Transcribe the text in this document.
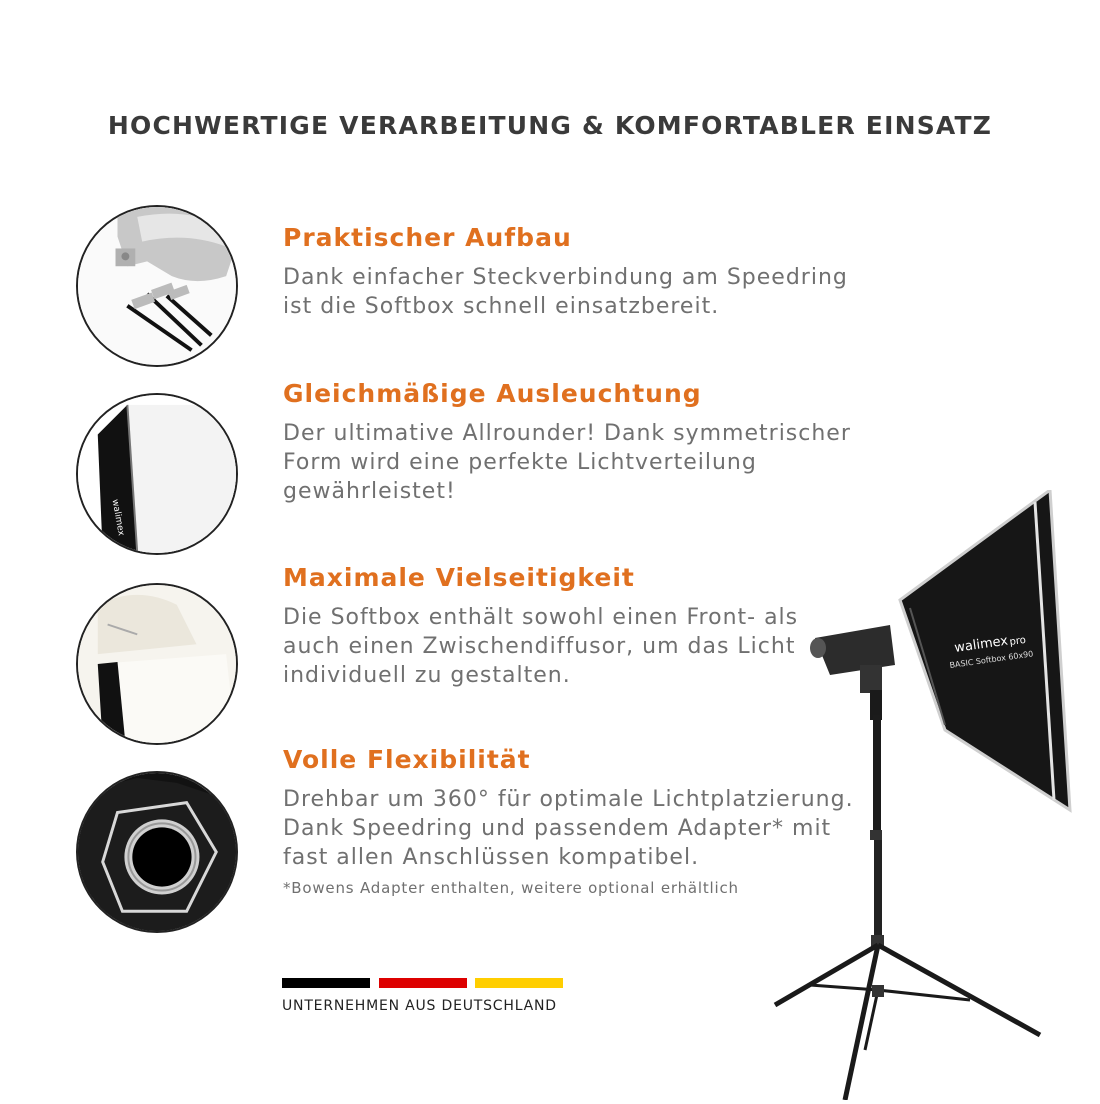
HOCHWERTIGE VERARBEITUNG & KOMFORTABLER EINSATZ
Praktischer Aufbau

Dank einfacher Steckverbindung am Speedring
ist die Softbox schnell einsatzbereit.

walimex
Gleichmäßige Ausleuchtung

Der ultimative Allrounder! Dank symmetrischer
Form wird eine perfekte Lichtverteilung
gewährleistet!

Maximale Vielseitigkeit

Die Softbox enthält sowohl einen Front- als
auch einen Zwischendiffusor, um das Licht
individuell zu gestalten.

Volle Flexibilität

Drehbar um 360° für optimale Lichtplatzierung.
Dank Speedring und passendem Adapter* mit
fast allen Anschlüssen kompatibel.

*Bowens Adapter enthalten, weitere optional erhältlich
UNTERNEHMEN AUS DEUTSCHLAND
walimex pro
BASIC Softbox 60x90
